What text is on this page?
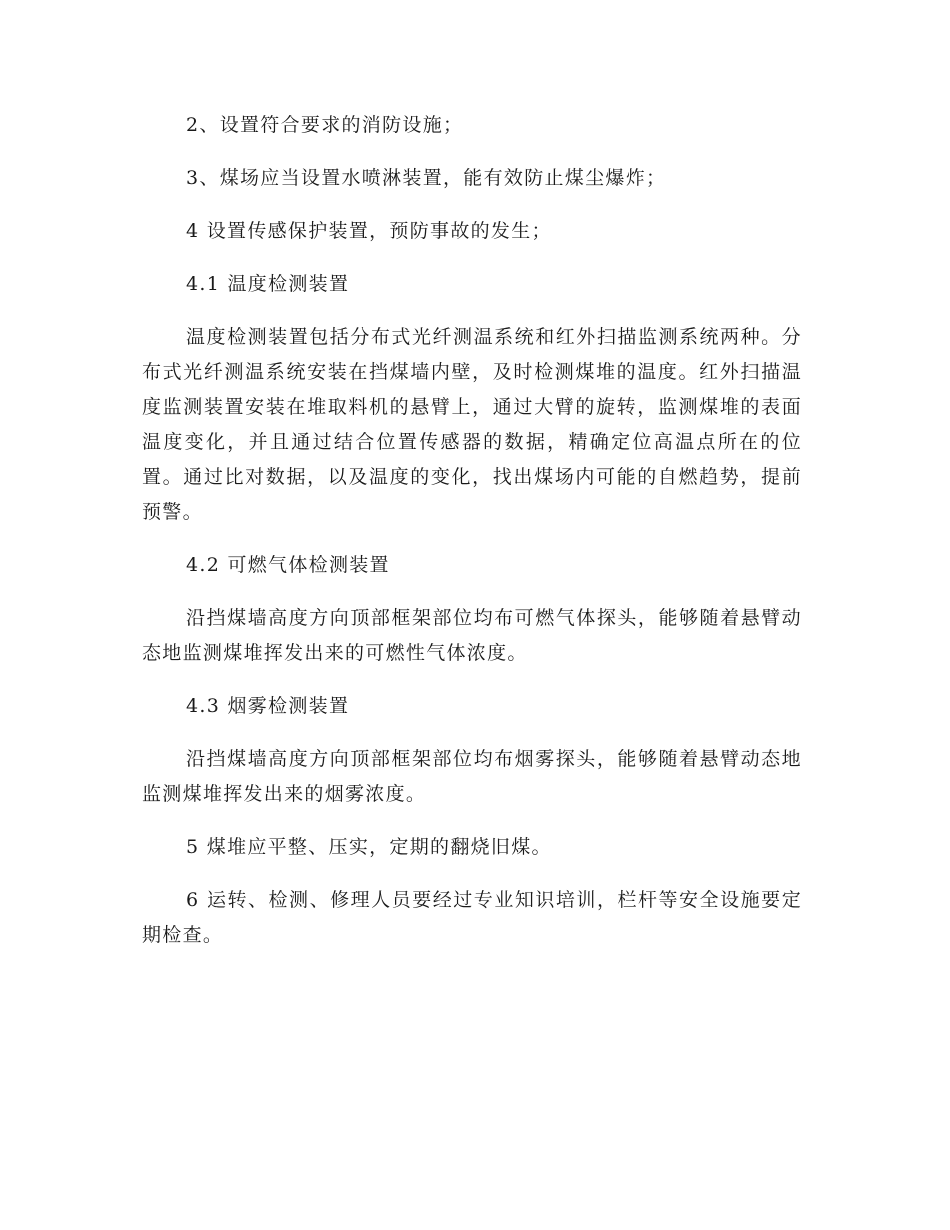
2、设置符合要求的消防设施；

3、煤场应当设置水喷淋装置，能有效防止煤尘爆炸；

4 设置传感保护装置，预防事故的发生；

4.1 温度检测装置

温度检测装置包括分布式光纤测温系统和红外扫描监测系统两种。分布式光纤测温系统安装在挡煤墙内壁，及时检测煤堆的温度。红外扫描温度监测装置安装在堆取料机的悬臂上，通过大臂的旋转，监测煤堆的表面温度变化，并且通过结合位置传感器的数据，精确定位高温点所在的位置。通过比对数据，以及温度的变化，找出煤场内可能的自燃趋势，提前预警。

4.2 可燃气体检测装置

沿挡煤墙高度方向顶部框架部位均布可燃气体探头，能够随着悬臂动态地监测煤堆挥发出来的可燃性气体浓度。

4.3 烟雾检测装置

沿挡煤墙高度方向顶部框架部位均布烟雾探头，能够随着悬臂动态地监测煤堆挥发出来的烟雾浓度。

5 煤堆应平整、压实，定期的翻烧旧煤。

6 运转、检测、修理人员要经过专业知识培训，栏杆等安全设施要定期检查。
